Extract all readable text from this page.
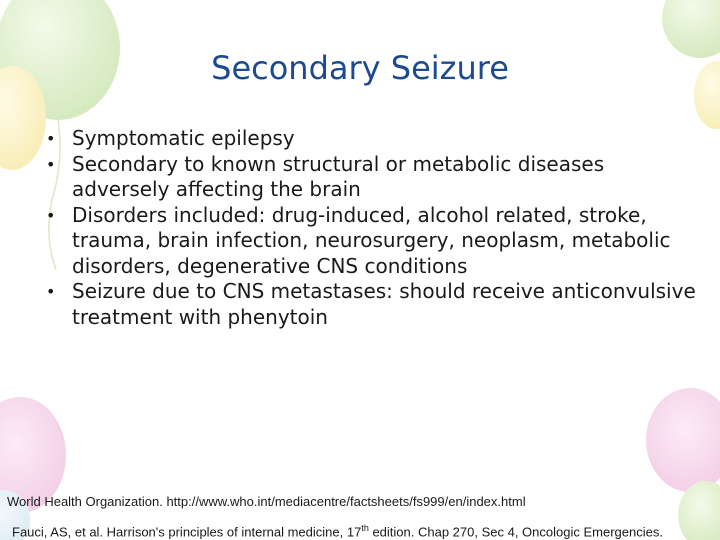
Secondary Seizure
• Symptomatic epilepsy
• Secondary to known structural or metabolic diseases adversely affecting the brain
• Disorders included: drug-induced, alcohol related, stroke, trauma, brain infection, neurosurgery, neoplasm, metabolic disorders, degenerative CNS conditions
• Seizure due to CNS metastases: should receive anticonvulsive treatment with phenytoin

World Health Organization. http://www.who.int/mediacentre/factsheets/fs999/en/index.html

Fauci, AS, et al. Harrison's principles of internal medicine, 17th edition. Chap 270, Sec 4, Oncologic Emergencies.
